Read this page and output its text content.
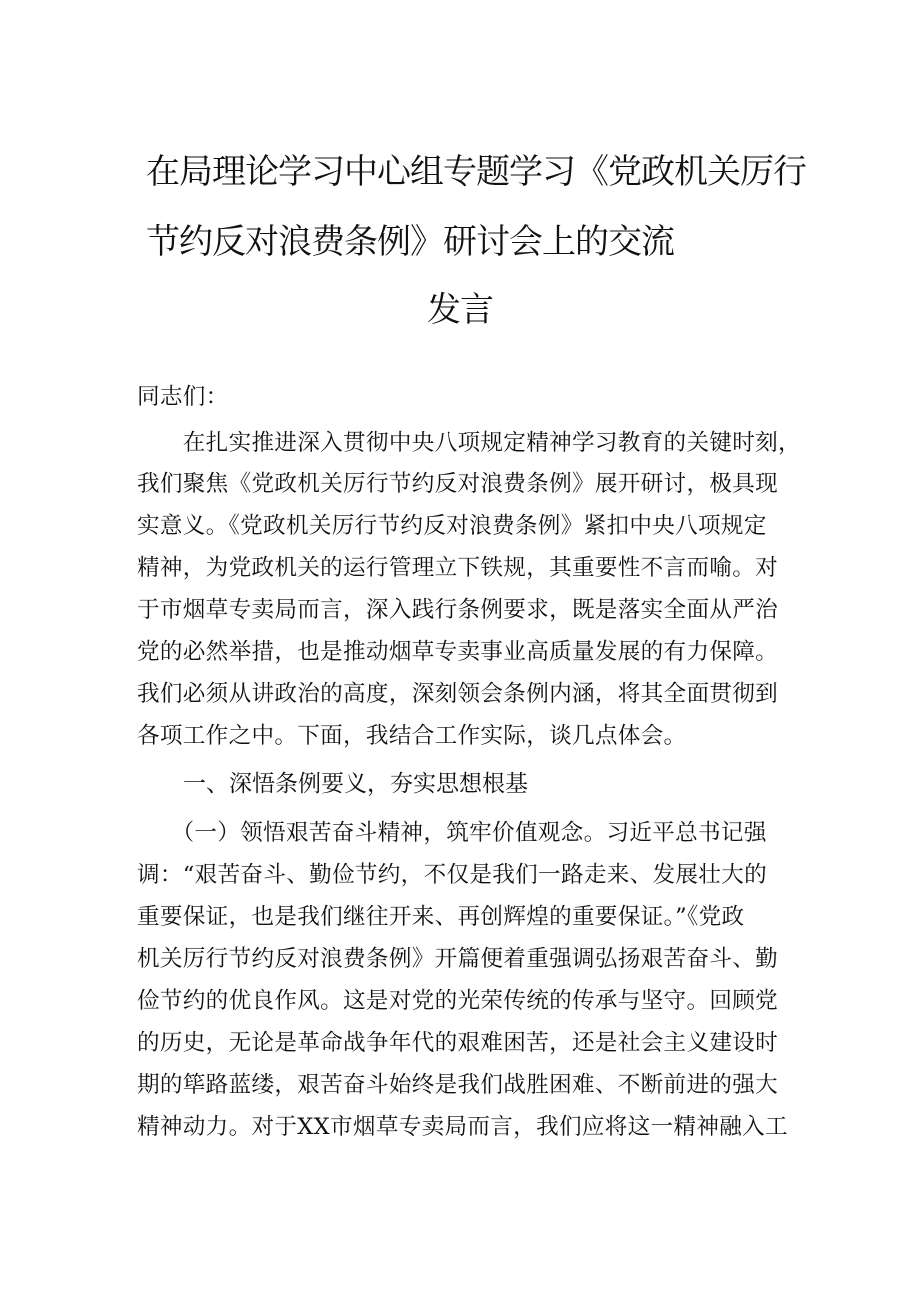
在局理论学习中心组专题学习《党政机关厉行
节约反对浪费条例》研讨会上的交流
发言
同志们：
　　在扎实推进深入贯彻中央八项规定精神学习教育的关键时刻，
我们聚焦《党政机关厉行节约反对浪费条例》展开研讨，极具现
实意义。《党政机关厉行节约反对浪费条例》紧扣中央八项规定
精神，为党政机关的运行管理立下铁规，其重要性不言而喻。对
于市烟草专卖局而言，深入践行条例要求，既是落实全面从严治
党的必然举措，也是推动烟草专卖事业高质量发展的有力保障。
我们必须从讲政治的高度，深刻领会条例内涵，将其全面贯彻到
各项工作之中。下面，我结合工作实际，谈几点体会。
一、深悟条例要义，夯实思想根基
　　（一）领悟艰苦奋斗精神，筑牢价值观念。习近平总书记强
调：“艰苦奋斗、勤俭节约，不仅是我们一路走来、发展壮大的
重要保证，也是我们继往开来、再创辉煌的重要保证。”《党政
机关厉行节约反对浪费条例》开篇便着重强调弘扬艰苦奋斗、勤
俭节约的优良作风。这是对党的光荣传统的传承与坚守。回顾党
的历史，无论是革命战争年代的艰难困苦，还是社会主义建设时
期的筚路蓝缕，艰苦奋斗始终是我们战胜困难、不断前进的强大
精神动力。对于XX市烟草专卖局而言，我们应将这一精神融入工
